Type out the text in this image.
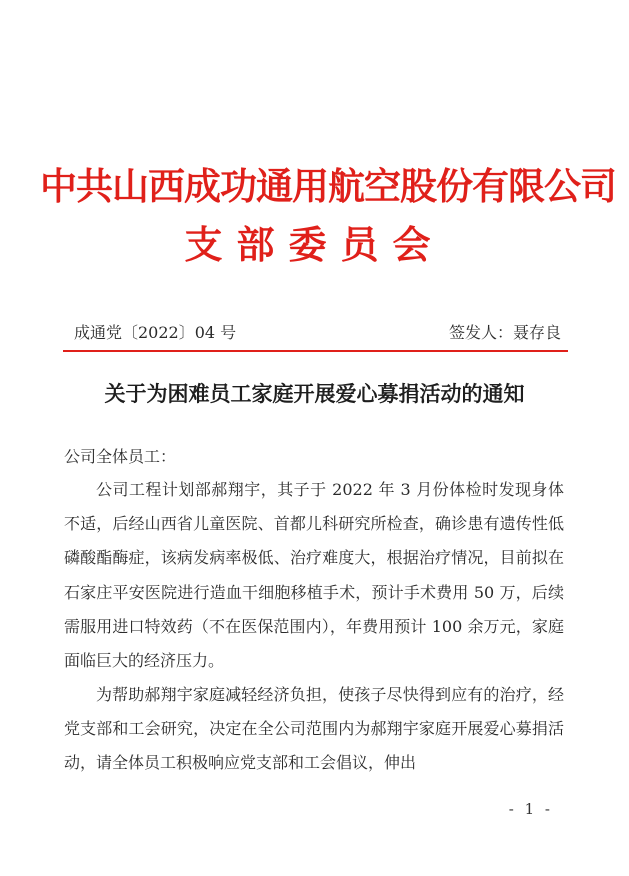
中共山西成功通用航空股份有限公司
支部委员会
成通党〔2022〕04 号	签发人：聂存良
关于为困难员工家庭开展爱心募捐活动的通知
公司全体员工：

公司工程计划部郝翔宇，其子于 2022 年 3 月份体检时发现身体不适，后经山西省儿童医院、首都儿科研究所检查，确诊患有遗传性低磷酸酯酶症，该病发病率极低、治疗难度大，根据治疗情况，目前拟在石家庄平安医院进行造血干细胞移植手术，预计手术费用 50 万，后续需服用进口特效药（不在医保范围内），年费用预计 100 余万元，家庭面临巨大的经济压力。

为帮助郝翔宇家庭减轻经济负担，使孩子尽快得到应有的治疗，经党支部和工会研究，决定在全公司范围内为郝翔宇家庭开展爱心募捐活动，请全体员工积极响应党支部和工会倡议，伸出

- 1 -
